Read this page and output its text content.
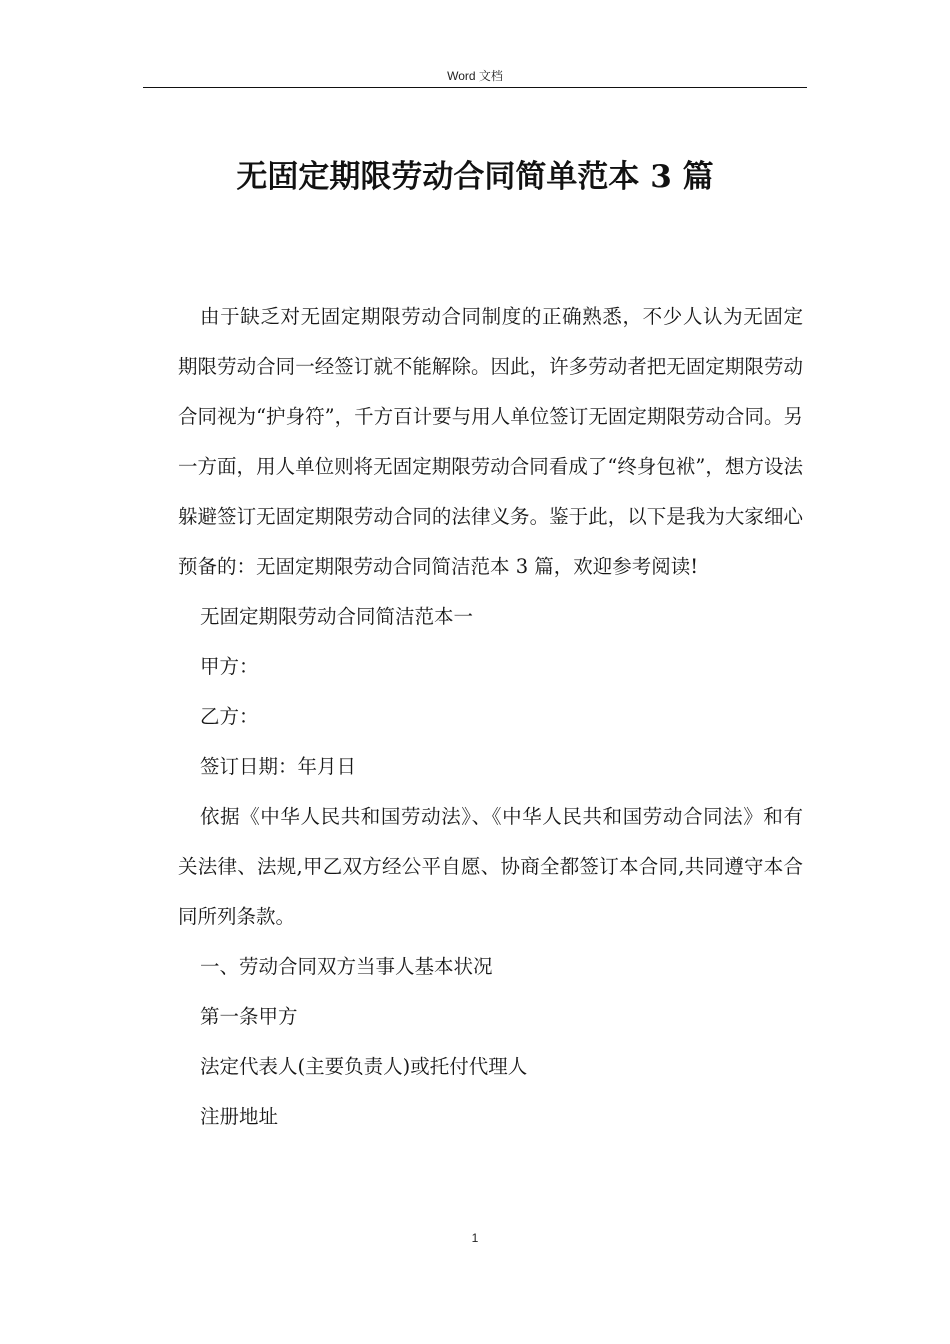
Word 文档
无固定期限劳动合同简单范本 3 篇

由于缺乏对无固定期限劳动合同制度的正确熟悉，不少人认为无固定期限劳动合同一经签订就不能解除。因此，许多劳动者把无固定期限劳动合同视为“护身符”，千方百计要与用人单位签订无固定期限劳动合同。另一方面，用人单位则将无固定期限劳动合同看成了“终身包袱”，想方设法躲避签订无固定期限劳动合同的法律义务。鉴于此，以下是我为大家细心预备的：无固定期限劳动合同简洁范本 3 篇，欢迎参考阅读!

无固定期限劳动合同简洁范本一

甲方：

乙方：

签订日期：年月日

依据《中华人民共和国劳动法》、《中华人民共和国劳动合同法》和有关法律、法规,甲乙双方经公平自愿、协商全都签订本合同,共同遵守本合同所列条款。

一、劳动合同双方当事人基本状况

第一条甲方

法定代表人(主要负责人)或托付代理人

注册地址

1
